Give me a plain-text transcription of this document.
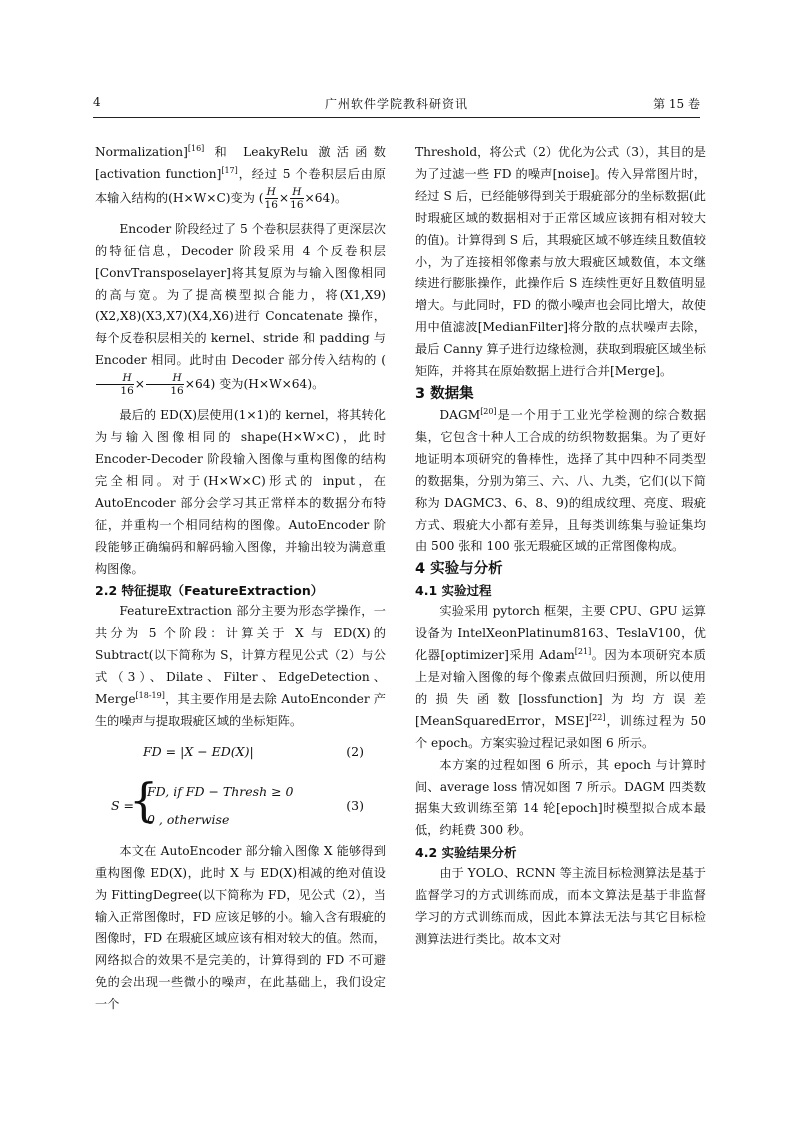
4	广州软件学院教科研资讯	第 15 卷

Normalization][16] 和 LeakyRelu 激活函数[activation function][17]，经过 5 个卷积层后由原本输入结构的(H×W×C)变为 ( $\frac{H}{16} \times \frac{H}{16} \times 64$)。

Encoder 阶段经过了 5 个卷积层获得了更深层次的特征信息，Decoder 阶段采用 4 个反卷积层[ConvTransposelayer]将其复原为与输入图像相同的高与宽。为了提高模型拟合能力，将(X1,X9)(X2,X8)(X3,X7)(X4,X6)进行 Concatenate 操作，每个反卷积层相关的 kernel、stride 和 padding 与 Encoder 相同。此时由 Decoder 部分传入结构的 (
$\frac{H}{16} \times \frac{H}{16} \times 64$) 变为(H×W×64)。

最后的 ED(X)层使用(1×1)的 kernel，将其转化为与输入图像相同的 shape(H×W×C)，此时 Encoder-Decoder 阶段输入图像与重构图像的结构完全相同。对于(H×W×C)形式的 input，在 AutoEncoder 部分会学习其正常样本的数据分布特征，并重构一个相同结构的图像。AutoEncoder 阶段能够正确编码和解码输入图像，并输出较为满意重构图像。

2.2 特征提取（FeatureExtraction）

FeatureExtraction 部分主要为形态学操作，一共分为 5 个阶段：计算关于 X 与 ED(X)的 Subtract(以下简称为 S，计算方程见公式（2）与公式（3）、Dilate、Filter、EdgeDetection、Merge[18-19]，其主要作用是去除 AutoEnconder 产生的噪声与提取瑕疵区域的坐标矩阵。

FD = |X − ED(X)|	(2)
S =
{
FD, if FD − Thresh ≥ 0
0 , otherwise
(3)

本文在 AutoEncoder 部分输入图像 X 能够得到重构图像 ED(X)，此时 X 与 ED(X)相减的绝对值设为 FittingDegree(以下简称为 FD，见公式（2），当输入正常图像时，FD 应该足够的小。输入含有瑕疵的图像时，FD 在瑕疵区域应该有相对较大的值。然而，网络拟合的效果不是完美的，计算得到的 FD 不可避免的会出现一些微小的噪声，在此基础上，我们设定一个

Threshold，将公式（2）优化为公式（3），其目的是为了过滤一些 FD 的噪声[noise]。传入异常图片时，经过 S 后，已经能够得到关于瑕疵部分的坐标数据(此时瑕疵区域的数据相对于正常区域应该拥有相对较大的值)。计算得到 S 后，其瑕疵区域不够连续且数值较小，为了连接相邻像素与放大瑕疵区域数值，本文继续进行膨胀操作，此操作后 S 连续性更好且数值明显增大。与此同时，FD 的微小噪声也会同比增大，故使用中值滤波[MedianFilter]将分散的点状噪声去除，最后 Canny 算子进行边缘检测，获取到瑕疵区域坐标矩阵，并将其在原始数据上进行合并[Merge]。

3 数据集

DAGM[20]是一个用于工业光学检测的综合数据集，它包含十种人工合成的纺织物数据集。为了更好地证明本项研究的鲁棒性，选择了其中四种不同类型的数据集，分别为第三、六、八、九类，它们(以下简称为 DAGMC3、6、8、9)的组成纹理、亮度、瑕疵方式、瑕疵大小都有差异，且每类训练集与验证集均由 500 张和 100 张无瑕疵区域的正常图像构成。

4 实验与分析

4.1 实验过程

实验采用 pytorch 框架，主要 CPU、GPU 运算设备为 IntelXeonPlatinum8163、TeslaV100，优化器[optimizer]采用 Adam[21]。因为本项研究本质上是对输入图像的每个像素点做回归预测，所以使用的损失函数[lossfunction]为均方误差[MeanSquaredError，MSE][22]，训练过程为 50 个 epoch。方案实验过程记录如图 6 所示。

本方案的过程如图 6 所示，其 epoch 与计算时间、average loss 情况如图 7 所示。DAGM 四类数据集大致训练至第 14 轮[epoch]时模型拟合成本最低，约耗费 300 秒。

4.2 实验结果分析

由于 YOLO、RCNN 等主流目标检测算法是基于监督学习的方式训练而成，而本文算法是基于非监督学习的方式训练而成，因此本算法无法与其它目标检测算法进行类比。故本文对
